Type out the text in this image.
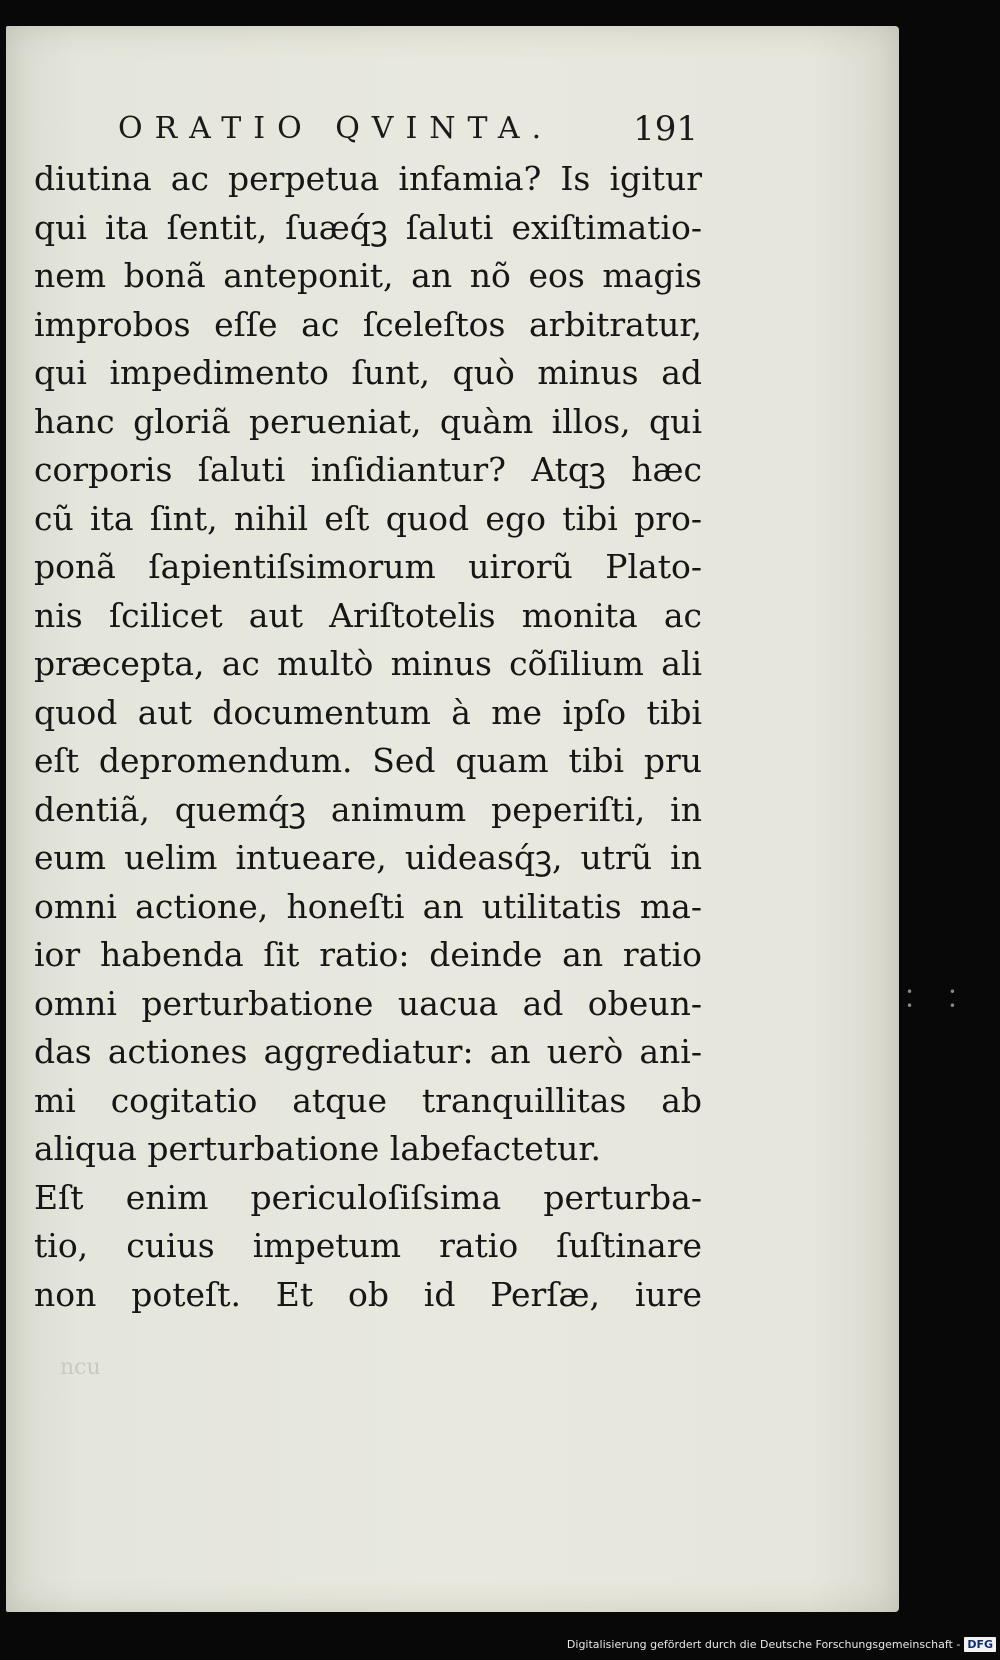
ORATIO QVINTA. 191
diutina ac perpetua infamia? Is igitur
qui ita ſentit, ſuæq́ꝫ ſaluti exiſtimatio-
nem bonã anteponit, an nõ eos magis
improbos eſſe ac ſceleſtos arbitratur,
qui impedimento ſunt, quò minus ad
hanc gloriã perueniat, quàm illos, qui
corporis ſaluti inſidiantur? Atqꝫ hæc
cũ ita ſint, nihil eſt quod ego tibi pro-
ponã ſapientiſsimorum uirorũ Plato-
nis ſcilicet aut Ariſtotelis monita ac
præcepta, ac multò minus cõſilium ali
quod aut documentum à me ipſo tibi
eſt depromendum. Sed quam tibi pru
dentiã, quemq́ꝫ animum peperiſti, in
eum uelim intueare, uideasq́ꝫ, utrũ in
omni actione, honeſti an utilitatis ma-
ior habenda ſit ratio: deinde an ratio
omni perturbatione uacua ad obeun-
das actiones aggrediatur: an uerò ani-
mi cogitatio atque tranquillitas ab
aliqua perturbatione labefactetur.
Eſt enim periculoſiſsima perturba-
tio, cuius impetum ratio ſuſtinare
non poteſt. Et ob id Perſæ, iure
ncu
• • • •
Digitalisierung gefördert durch die Deutsche Forschungsgemeinschaft - DFG
